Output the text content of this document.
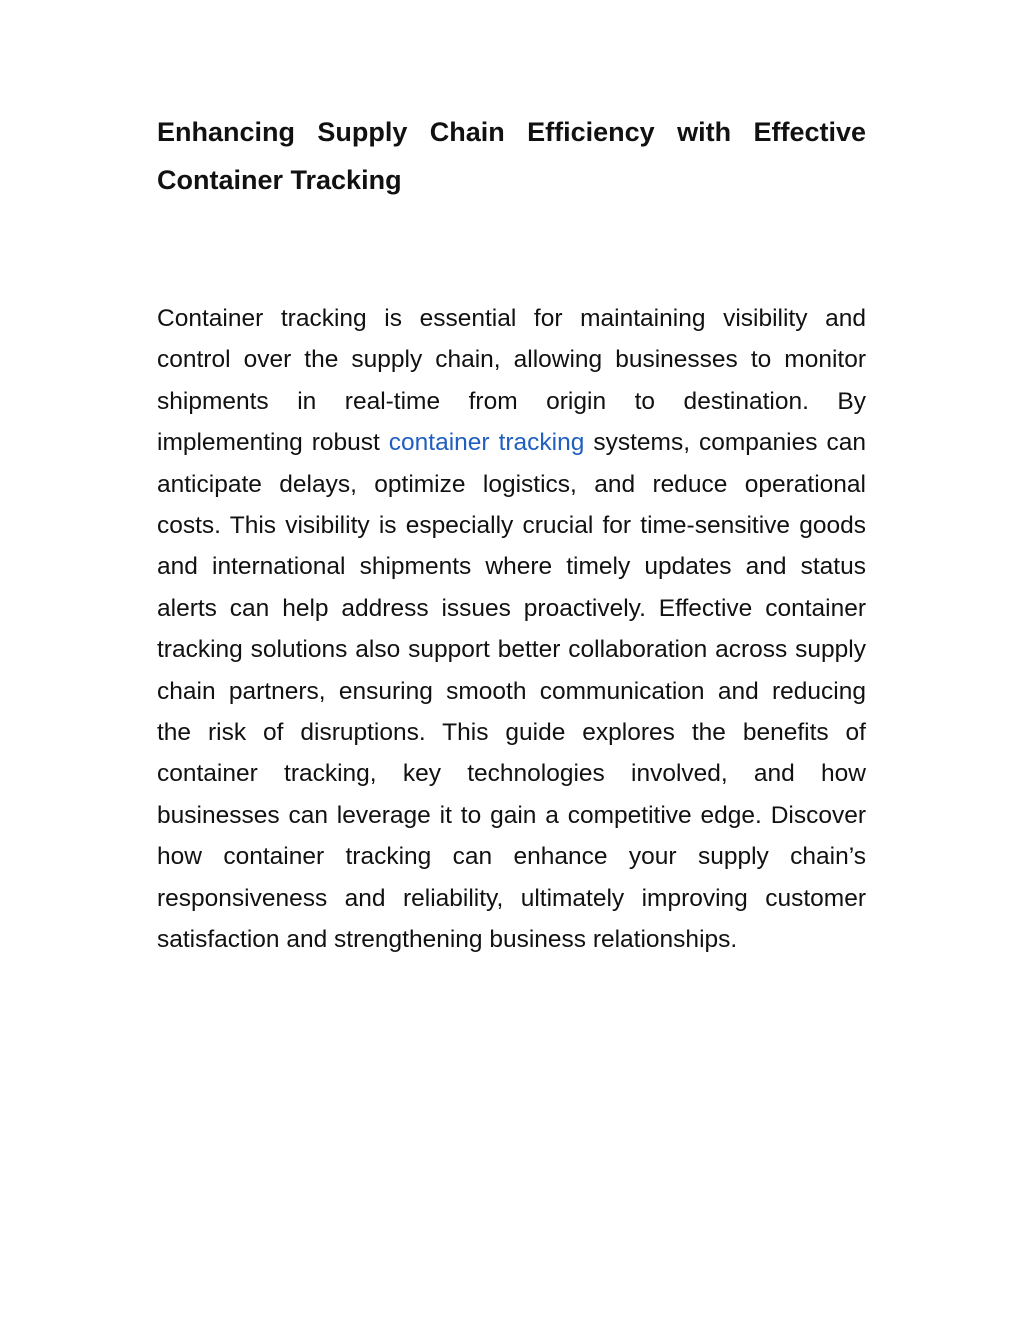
Enhancing Supply Chain Efficiency with Effective Container Tracking

Container tracking is essential for maintaining visibility and control over the supply chain, allowing businesses to monitor shipments in real-time from origin to destination. By implementing robust container tracking systems, companies can anticipate delays, optimize logistics, and reduce operational costs. This visibility is especially crucial for time-sensitive goods and international shipments where timely updates and status alerts can help address issues proactively. Effective container tracking solutions also support better collaboration across supply chain partners, ensuring smooth communication and reducing the risk of disruptions. This guide explores the benefits of container tracking, key technologies involved, and how businesses can leverage it to gain a competitive edge. Discover how container tracking can enhance your supply chain’s responsiveness and reliability, ultimately improving customer satisfaction and strengthening business relationships.
